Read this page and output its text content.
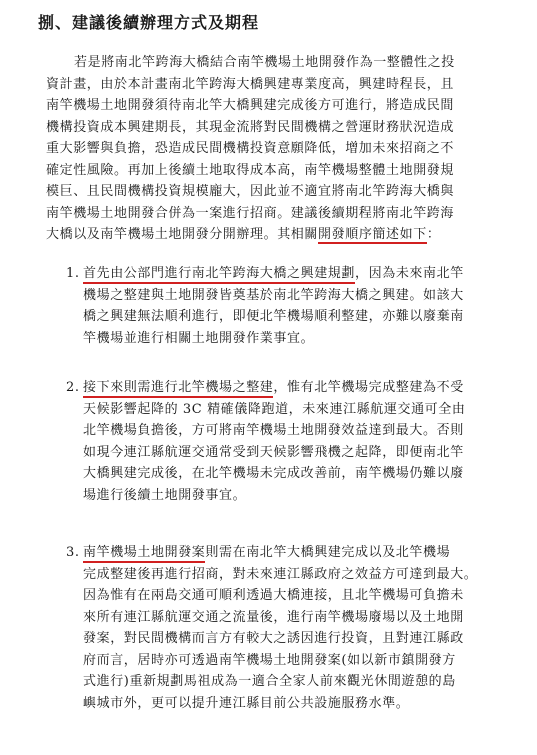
捌、建議後續辦理方式及期程
若是將南北竿跨海大橋結合南竿機場土地開發作為一整體性之投
資計畫，由於本計畫南北竿跨海大橋興建專業度高，興建時程長，且
南竿機場土地開發須待南北竿大橋興建完成後方可進行，將造成民間
機構投資成本興建期長，其現金流將對民間機構之營運財務狀況造成
重大影響與負擔，恐造成民間機構投資意願降低，增加未來招商之不
確定性風險。再加上後續土地取得成本高，南竿機場整體土地開發規
模巨、且民間機構投資規模龐大，因此並不適宜將南北竿跨海大橋與
南竿機場土地開發合併為一案進行招商。建議後續期程將南北竿跨海
大橋以及南竿機場土地開發分開辦理。其相關開發順序簡述如下：
1. 首先由公部門進行南北竿跨海大橋之興建規劃，因為未來南北竿
機場之整建與土地開發皆奠基於南北竿跨海大橋之興建。如該大
橋之興建無法順利進行，即便北竿機場順利整建，亦難以廢棄南
竿機場並進行相關土地開發作業事宜。
2. 接下來則需進行北竿機場之整建，惟有北竿機場完成整建為不受
天候影響起降的 3C 精確儀降跑道，未來連江縣航運交通可全由
北竿機場負擔後，方可將南竿機場土地開發效益達到最大。否則
如現今連江縣航運交通常受到天候影響飛機之起降，即便南北竿
大橋興建完成後，在北竿機場未完成改善前，南竿機場仍難以廢
場進行後續土地開發事宜。
3. 南竿機場土地開發案則需在南北竿大橋興建完成以及北竿機場
完成整建後再進行招商，對未來連江縣政府之效益方可達到最大。
因為惟有在兩島交通可順利透過大橋連接，且北竿機場可負擔未
來所有連江縣航運交通之流量後，進行南竿機場廢場以及土地開
發案，對民間機構而言方有較大之誘因進行投資，且對連江縣政
府而言，居時亦可透過南竿機場土地開發案(如以新市鎮開發方
式進行)重新規劃馬祖成為一適合全家人前來觀光休閒遊憩的島
嶼城市外，更可以提升連江縣目前公共設施服務水準。
